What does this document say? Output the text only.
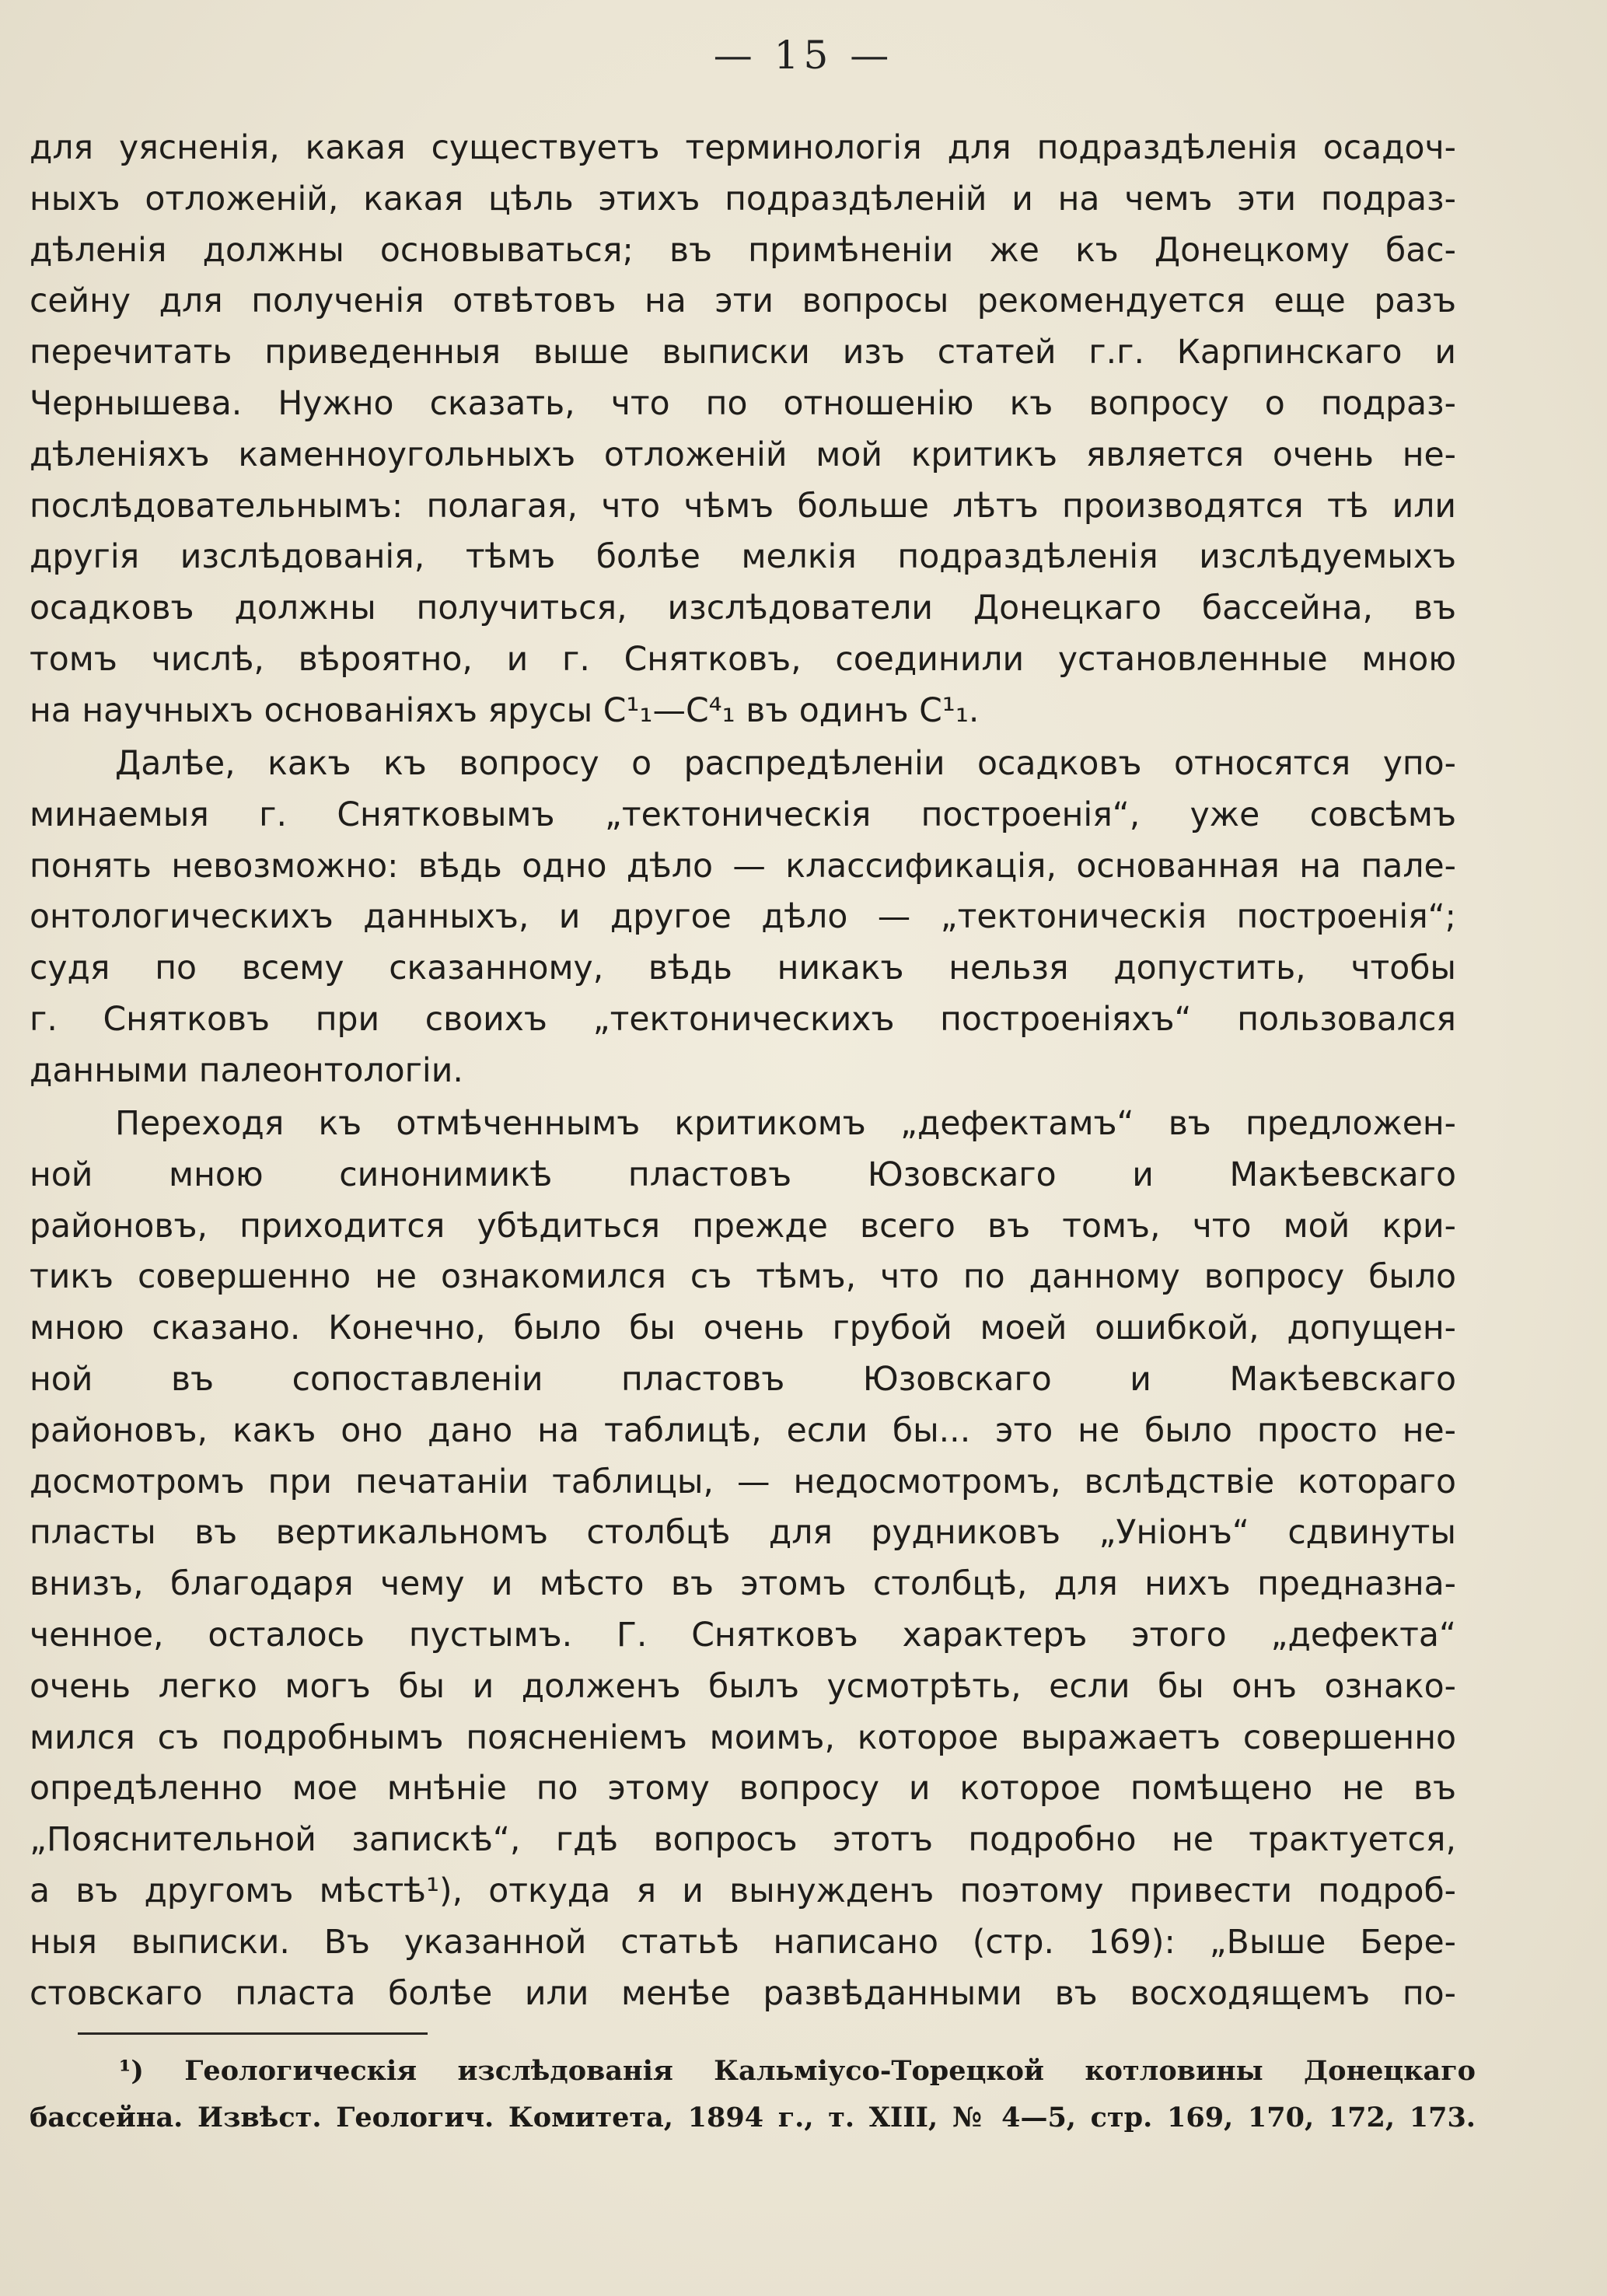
— 15 —
для уясненія, какая существуетъ терминологія для подраздѣленія осадоч-
ныхъ отложеній, какая цѣль этихъ подраздѣленій и на чемъ эти подраз-
дѣленія должны основываться; въ примѣненіи же къ Донецкому бас-
сейну для полученія отвѣтовъ на эти вопросы рекомендуется еще разъ
перечитать приведенныя выше выписки изъ статей г.г. Карпинскаго и
Чернышева. Нужно сказать, что по отношенію къ вопросу о подраз-
дѣленіяхъ каменноугольныхъ отложеній мой критикъ является очень не-
послѣдовательнымъ: полагая, что чѣмъ больше лѣтъ производятся тѣ или
другія изслѣдованія, тѣмъ болѣе мелкія подраздѣленія изслѣдуемыхъ
осадковъ должны получиться, изслѣдователи Донецкаго бассейна, въ
томъ числѣ, вѣроятно, и г. Снятковъ, соединили установленные мною
на научныхъ основаніяхъ ярусы C¹₁—C⁴₁ въ одинъ C¹₁.
Далѣе, какъ къ вопросу о распредѣленіи осадковъ относятся упо-
минаемыя г. Снятковымъ „тектоническія построенія“, уже совсѣмъ
понять невозможно: вѣдь одно дѣло — классификація, основанная на пале-
онтологическихъ данныхъ, и другое дѣло — „тектоническія построенія“;
судя по всему сказанному, вѣдь никакъ нельзя допустить, чтобы
г. Снятковъ при своихъ „тектоническихъ построеніяхъ“ пользовался
данными палеонтологіи.
Переходя къ отмѣченнымъ критикомъ „дефектамъ“ въ предложен-
ной мною синонимикѣ пластовъ Юзовскаго и Макѣевскаго
районовъ, приходится убѣдиться прежде всего въ томъ, что мой кри-
тикъ совершенно не ознакомился съ тѣмъ, что по данному вопросу было
мною сказано. Конечно, было бы очень грубой моей ошибкой, допущен-
ной въ сопоставленіи пластовъ Юзовскаго и Макѣевскаго
районовъ, какъ оно дано на таблицѣ, если бы... это не было просто не-
досмотромъ при печатаніи таблицы, — недосмотромъ, вслѣдствіе котораго
пласты въ вертикальномъ столбцѣ для рудниковъ „Уніонъ“ сдвинуты
внизъ, благодаря чему и мѣсто въ этомъ столбцѣ, для нихъ предназна-
ченное, осталось пустымъ. Г. Снятковъ характеръ этого „дефекта“
очень легко могъ бы и долженъ былъ усмотрѣть, если бы онъ ознако-
мился съ подробнымъ поясненіемъ моимъ, которое выражаетъ совершенно
опредѣленно мое мнѣніе по этому вопросу и которое помѣщено не въ
„Пояснительной запискѣ“, гдѣ вопросъ этотъ подробно не трактуется,
а въ другомъ мѣстѣ¹), откуда я и вынужденъ поэтому привести подроб-
ныя выписки. Въ указанной статьѣ написано (стр. 169): „Выше Бере-
стовскаго пласта болѣе или менѣе развѣданными въ восходящемъ по-
¹) Геологическія изслѣдованія Кальміусо-Торецкой котловины Донецкаго
бассейна. Извѣст. Геологич. Комитета, 1894 г., т. XIII, № 4—5, стр. 169, 170, 172, 173.
